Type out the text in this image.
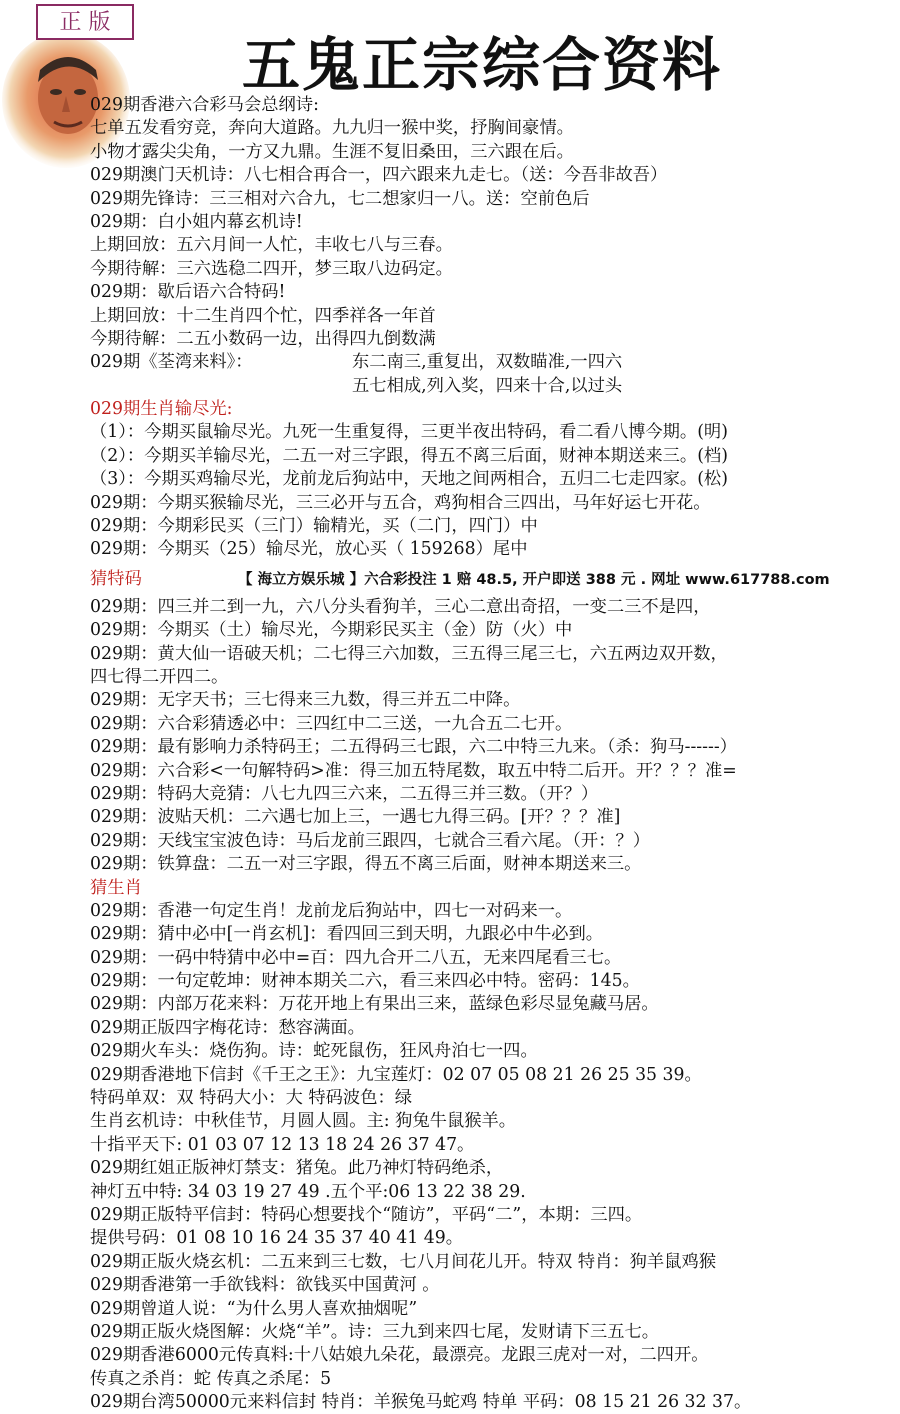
正 版
五鬼正宗综合资料
029期香港六合彩马会总纲诗:
七单五发看穷竞，奔向大道路。九九归一猴中奖，抒胸间豪情。
小物才露尖尖角，一方又九鼎。生涯不复旧桑田，三六跟在后。
029期澳门天机诗：八七相合再合一，四六跟来九走七。（送：今吾非故吾）
029期先锋诗：三三相对六合九，七二想家归一八。送：空前色后
029期：白小姐内幕玄机诗!
上期回放：五六月间一人忙，丰收七八与三春。
今期待解：三六选稳二四开，梦三取八边码定。
029期：歇后语六合特码!
上期回放：十二生肖四个忙，四季祥各一年首
今期待解：二五小数码一边，出得四九倒数满
029期《荃湾来料》：	东二南三,重复出，双数瞄准,一四六
五七相成,列入奖，四来十合,以过头
029期生肖输尽光:
（1）：今期买鼠输尽光。九死一生重复得，三更半夜出特码，看二看八博今期。(明)
（2）：今期买羊输尽光，二五一对三字跟，得五不离三后面，财神本期送来三。(档)
（3）：今期买鸡输尽光，龙前龙后狗站中，天地之间两相合，五归二七走四家。(松)
029期：今期买猴输尽光，三三必开与五合，鸡狗相合三四出，马年好运七开花。
029期：今期彩民买（三门）输精光，买（二门，四门）中
029期：今期买（25）输尽光，放心买（ 159268）尾中
猜特码	【 海立方娱乐城 】六合彩投注 1 赔 48.5, 开户即送 388 元 . 网址 www.617788.com
029期：四三并二到一九，六八分头看狗羊，三心二意出奇招，一变二三不是四，
029期：今期买（土）输尽光，今期彩民买主（金）防（火）中
029期：黄大仙一语破天机；二七得三六加数，三五得三尾三七，六五两边双开数，
四七得二开四二。
029期：无字天书；三七得来三九数，得三并五二中降。
029期：六合彩猜透必中：三四红中二三送，一九合五二七开。
029期：最有影响力杀特码王；二五得码三七跟，六二中特三九来。（杀：狗马------）
029期：六合彩<一句解特码>准：得三加五特尾数，取五中特二后开。开？？？准=
029期：特码大竞猜：八七九四三六来，二五得三并三数。（开？）
029期：波贴天机：二六遇七加上三，一遇七九得三码。[开？？？准]
029期：天线宝宝波色诗：马后龙前三跟四，七就合三看六尾。（开：？）
029期：铁算盘：二五一对三字跟，得五不离三后面，财神本期送来三。
猜生肖
029期：香港一句定生肖！龙前龙后狗站中，四七一对码来一。
029期：猜中必中[一肖玄机]：看四回三到天明，九跟必中牛必到。
029期：一码中特猜中必中=百：四九合开二八五，无来四尾看三七。
029期：一句定乾坤：财神本期关二六，看三来四必中特。密码：145。
029期：内部万花来料：万花开地上有果出三来，蓝绿色彩尽显兔藏马居。
029期正版四字梅花诗：愁容满面。
029期火车头：烧伤狗。诗：蛇死鼠伤，狂风舟泊七一四。
029期香港地下信封《千王之王》：九宝莲灯：02 07 05 08 21 26 25 35 39。
特码单双：双 特码大小：大 特码波色：绿
生肖玄机诗：中秋佳节，月圆人圆。主: 狗兔牛鼠猴羊。
十指平天下: 01 03 07 12 13 18 24 26 37 47。
029期红姐正版神灯禁支：猪兔。此乃神灯特码绝杀，
神灯五中特: 34 03 19 27 49 .五个平:06 13 22 38 29.
029期正版特平信封：特码心想要找个“随访”，平码“二”，本期：三四。
提供号码：01 08 10 16 24 35 37 40 41 49。
029期正版火烧玄机：二五来到三七数，七八月间花儿开。特双 特肖：狗羊鼠鸡猴
029期香港第一手欲钱料：欲钱买中国黄河 。
029期曾道人说：“为什么男人喜欢抽烟呢”
029期正版火烧图解：火烧“羊”。诗：三九到来四七尾，发财请下三五七。
029期香港6000元传真料:十八姑娘九朵花，最漂亮。龙跟三虎对一对，二四开。
传真之杀肖：蛇 传真之杀尾：5
029期台湾50000元来料信封 特肖：羊猴兔马蛇鸡 特单 平码：08 15 21 26 32 37。
